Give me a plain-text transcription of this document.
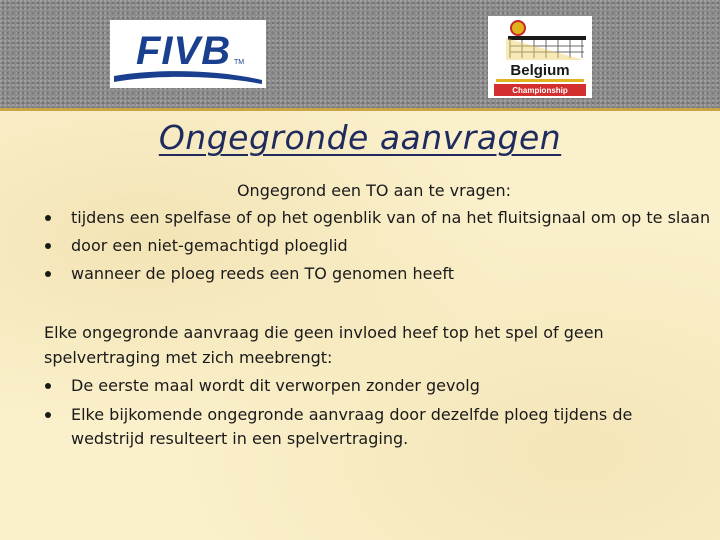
FIVB TM	Belgium
Championship
Ongegronde aanvragen
Ongegrond een TO aan te vragen:
tijdens een spelfase of op het ogenblik van of na het fluitsignaal om op te slaan
door een niet-gemachtigd ploeglid
wanneer de ploeg reeds een TO genomen heeft
Elke ongegronde aanvraag die geen invloed heef top het spel of geen
spelvertraging met zich meebrengt:
De eerste maal wordt dit verworpen zonder gevolg
Elke bijkomende ongegronde aanvraag door dezelfde ploeg tijdens de
wedstrijd resulteert in een spelvertraging.
